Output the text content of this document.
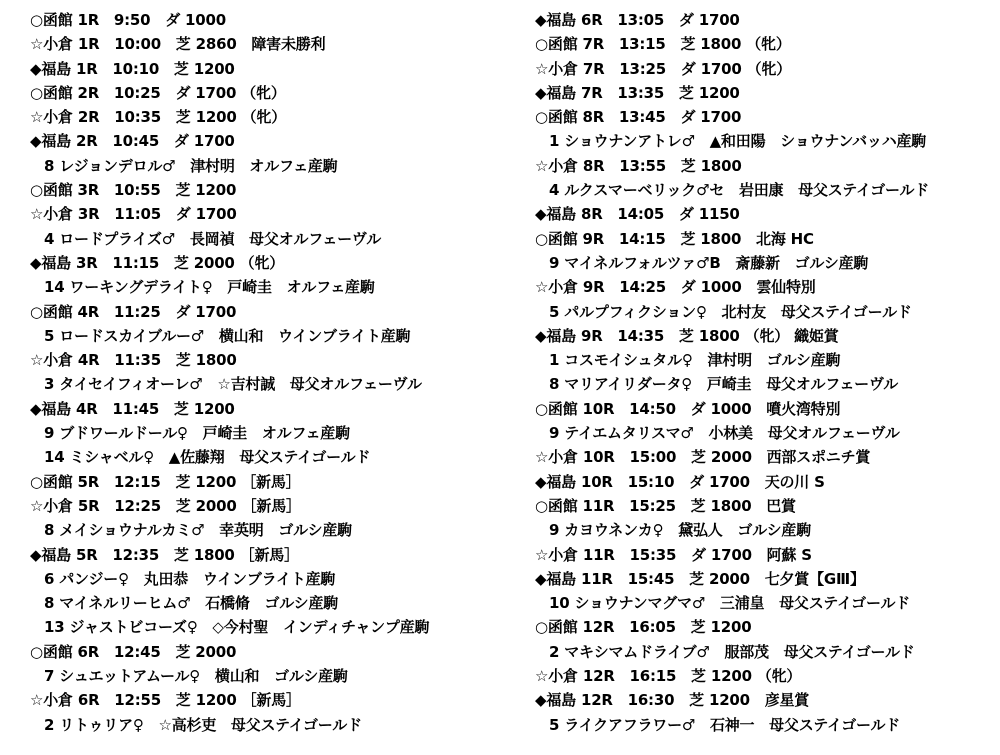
○函館 1R　9:50　ダ 1000
☆小倉 1R　10:00　芝 2860　障害未勝利
◆福島 1R　10:10　芝 1200
○函館 2R　10:25　ダ 1700 （牝）
☆小倉 2R　10:35　芝 1200 （牝）
◆福島 2R　10:45　ダ 1700
8 レジョンデロル♂　津村明　オルフェ産駒
○函館 3R　10:55　芝 1200
☆小倉 3R　11:05　ダ 1700
4 ロードプライズ♂　長岡禎　母父オルフェーヴル
◆福島 3R　11:15　芝 2000 （牝）
14 ワーキングデライト♀　戸崎圭　オルフェ産駒
○函館 4R　11:25　ダ 1700
5 ロードスカイブルー♂　横山和　ウインブライト産駒
☆小倉 4R　11:35　芝 1800
3 タイセイフィオーレ♂　☆吉村誠　母父オルフェーヴル
◆福島 4R　11:45　芝 1200
9 ブドワールドール♀　戸崎圭　オルフェ産駒
14 ミシャベル♀　▲佐藤翔　母父ステイゴールド
○函館 5R　12:15　芝 1200 ［新馬］
☆小倉 5R　12:25　芝 2000 ［新馬］
8 メイショウナルカミ♂　幸英明　ゴルシ産駒
◆福島 5R　12:35　芝 1800 ［新馬］
6 パンジー♀　丸田恭　ウインブライト産駒
8 マイネルリーヒム♂　石橋脩　ゴルシ産駒
13 ジャストビコーズ♀　◇今村聖　インディチャンプ産駒
○函館 6R　12:45　芝 2000
7 シュエットアムール♀　横山和　ゴルシ産駒
☆小倉 6R　12:55　芝 1200 ［新馬］
2 リトゥリア♀　☆高杉吏　母父ステイゴールド
◆福島 6R　13:05　ダ 1700
○函館 7R　13:15　芝 1800 （牝）
☆小倉 7R　13:25　ダ 1700 （牝）
◆福島 7R　13:35　芝 1200
○函館 8R　13:45　ダ 1700
1 ショウナンアトレ♂　▲和田陽　ショウナンバッハ産駒
☆小倉 8R　13:55　芝 1800
4 ルクスマーベリック♂セ　岩田康　母父ステイゴールド
◆福島 8R　14:05　ダ 1150
○函館 9R　14:15　芝 1800　北海 HC
9 マイネルフォルツァ♂B　斎藤新　ゴルシ産駒
☆小倉 9R　14:25　ダ 1000　雲仙特別
5 パルプフィクション♀　北村友　母父ステイゴールド
◆福島 9R　14:35　芝 1800 （牝） 織姫賞
1 コスモイシュタル♀　津村明　ゴルシ産駒
8 マリアイリダータ♀　戸崎圭　母父オルフェーヴル
○函館 10R　14:50　ダ 1000　噴火湾特別
9 テイエムタリスマ♂　小林美　母父オルフェーヴル
☆小倉 10R　15:00　芝 2000　西部スポニチ賞
◆福島 10R　15:10　ダ 1700　天の川 S
○函館 11R　15:25　芝 1800　巴賞
9 カヨウネンカ♀　黛弘人　ゴルシ産駒
☆小倉 11R　15:35　ダ 1700　阿蘇 S
◆福島 11R　15:45　芝 2000　七夕賞【GⅢ】
10 ショウナンマグマ♂　三浦皇　母父ステイゴールド
○函館 12R　16:05　芝 1200
2 マキシマムドライブ♂　服部茂　母父ステイゴールド
☆小倉 12R　16:15　芝 1200 （牝）
◆福島 12R　16:30　芝 1200　彦星賞
5 ライクアフラワー♂　石神一　母父ステイゴールド
